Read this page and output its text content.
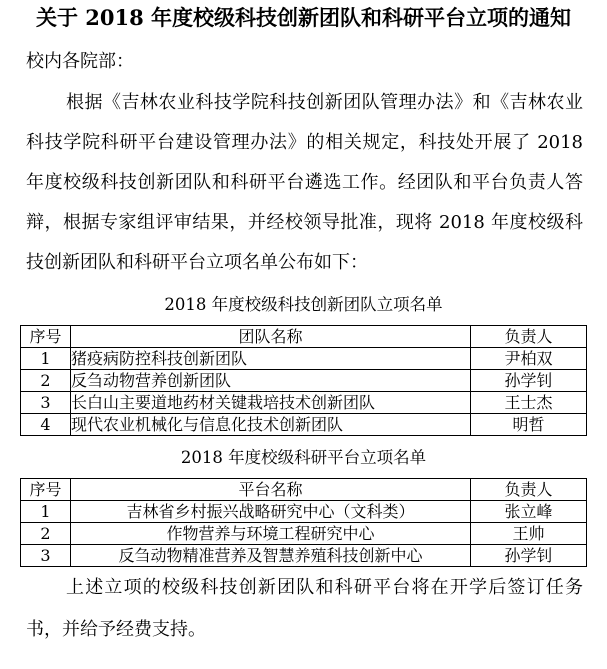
关于 2018 年度校级科技创新团队和科研平台立项的通知
校内各院部：
根据《吉林农业科技学院科技创新团队管理办法》和《吉林农业
科技学院科研平台建设管理办法》的相关规定，科技处开展了 2018
年度校级科技创新团队和科研平台遴选工作。经团队和平台负责人答
辩，根据专家组评审结果，并经校领导批准，现将 2018 年度校级科
技创新团队和科研平台立项名单公布如下：
2018 年度校级科技创新团队立项名单
序号	团队名称	负责人
1	猪疫病防控科技创新团队	尹柏双
2	反刍动物营养创新团队	孙学钊
3	长白山主要道地药材关键栽培技术创新团队	王士杰
4	现代农业机械化与信息化技术创新团队	明哲
2018 年度校级科研平台立项名单
序号	平台名称	负责人
1	吉林省乡村振兴战略研究中心（文科类）	张立峰
2	作物营养与环境工程研究中心	王帅
3	反刍动物精准营养及智慧养殖科技创新中心	孙学钊
上述立项的校级科技创新团队和科研平台将在开学后签订任务
书，并给予经费支持。
